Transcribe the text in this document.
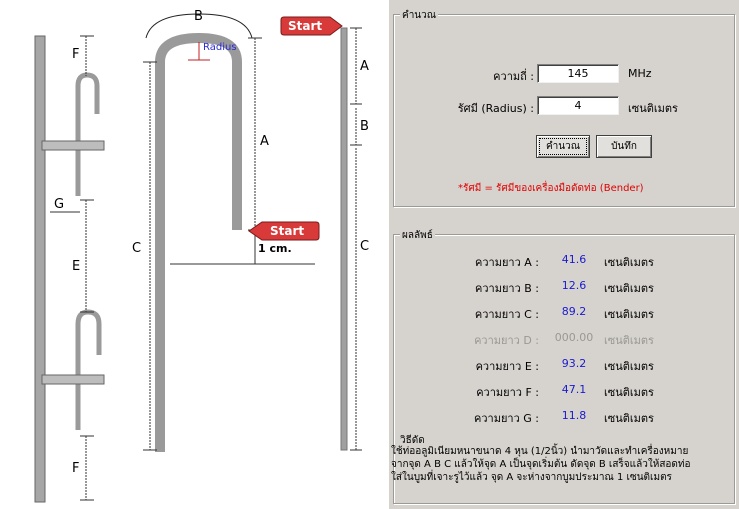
B
Radius
A
C	1 cm.
F
G
E
F
A
B
C
Start
Start
คำนวณ
ความถี่ :
145	MHz
รัศมี (Radius) :
4	เซนติเมตร
คำนวณ	บันทึก
*รัศมี = รัศมีของเครื่องมือดัดท่อ (Bender)
ผลลัพธ์
ความยาว A :	41.6	เซนติเมตร
ความยาว B :	12.6	เซนติเมตร
ความยาว C :	89.2	เซนติเมตร
ความยาว D :	000.00 เซนติเมตร
ความยาว E :	93.2	เซนติเมตร
ความยาว F :	47.1	เซนติเมตร
ความยาว G :	11.8	เซนติเมตร
วิธีดัด
ใช้ท่ออลูมิเนียมหนาขนาด 4 หุน (1/2นิ้ว) นำมาวัดและทำเครื่องหมาย
จากจุด A B C แล้วให้จุด A เป็นจุดเริ่มต้น ดัดจุด B เสร็จแล้วให้สอดท่อ
ใส่ในบูมที่เจาะรูไว้แล้ว จุด A จะห่างจากบูมประมาณ 1 เซนติเมตร
